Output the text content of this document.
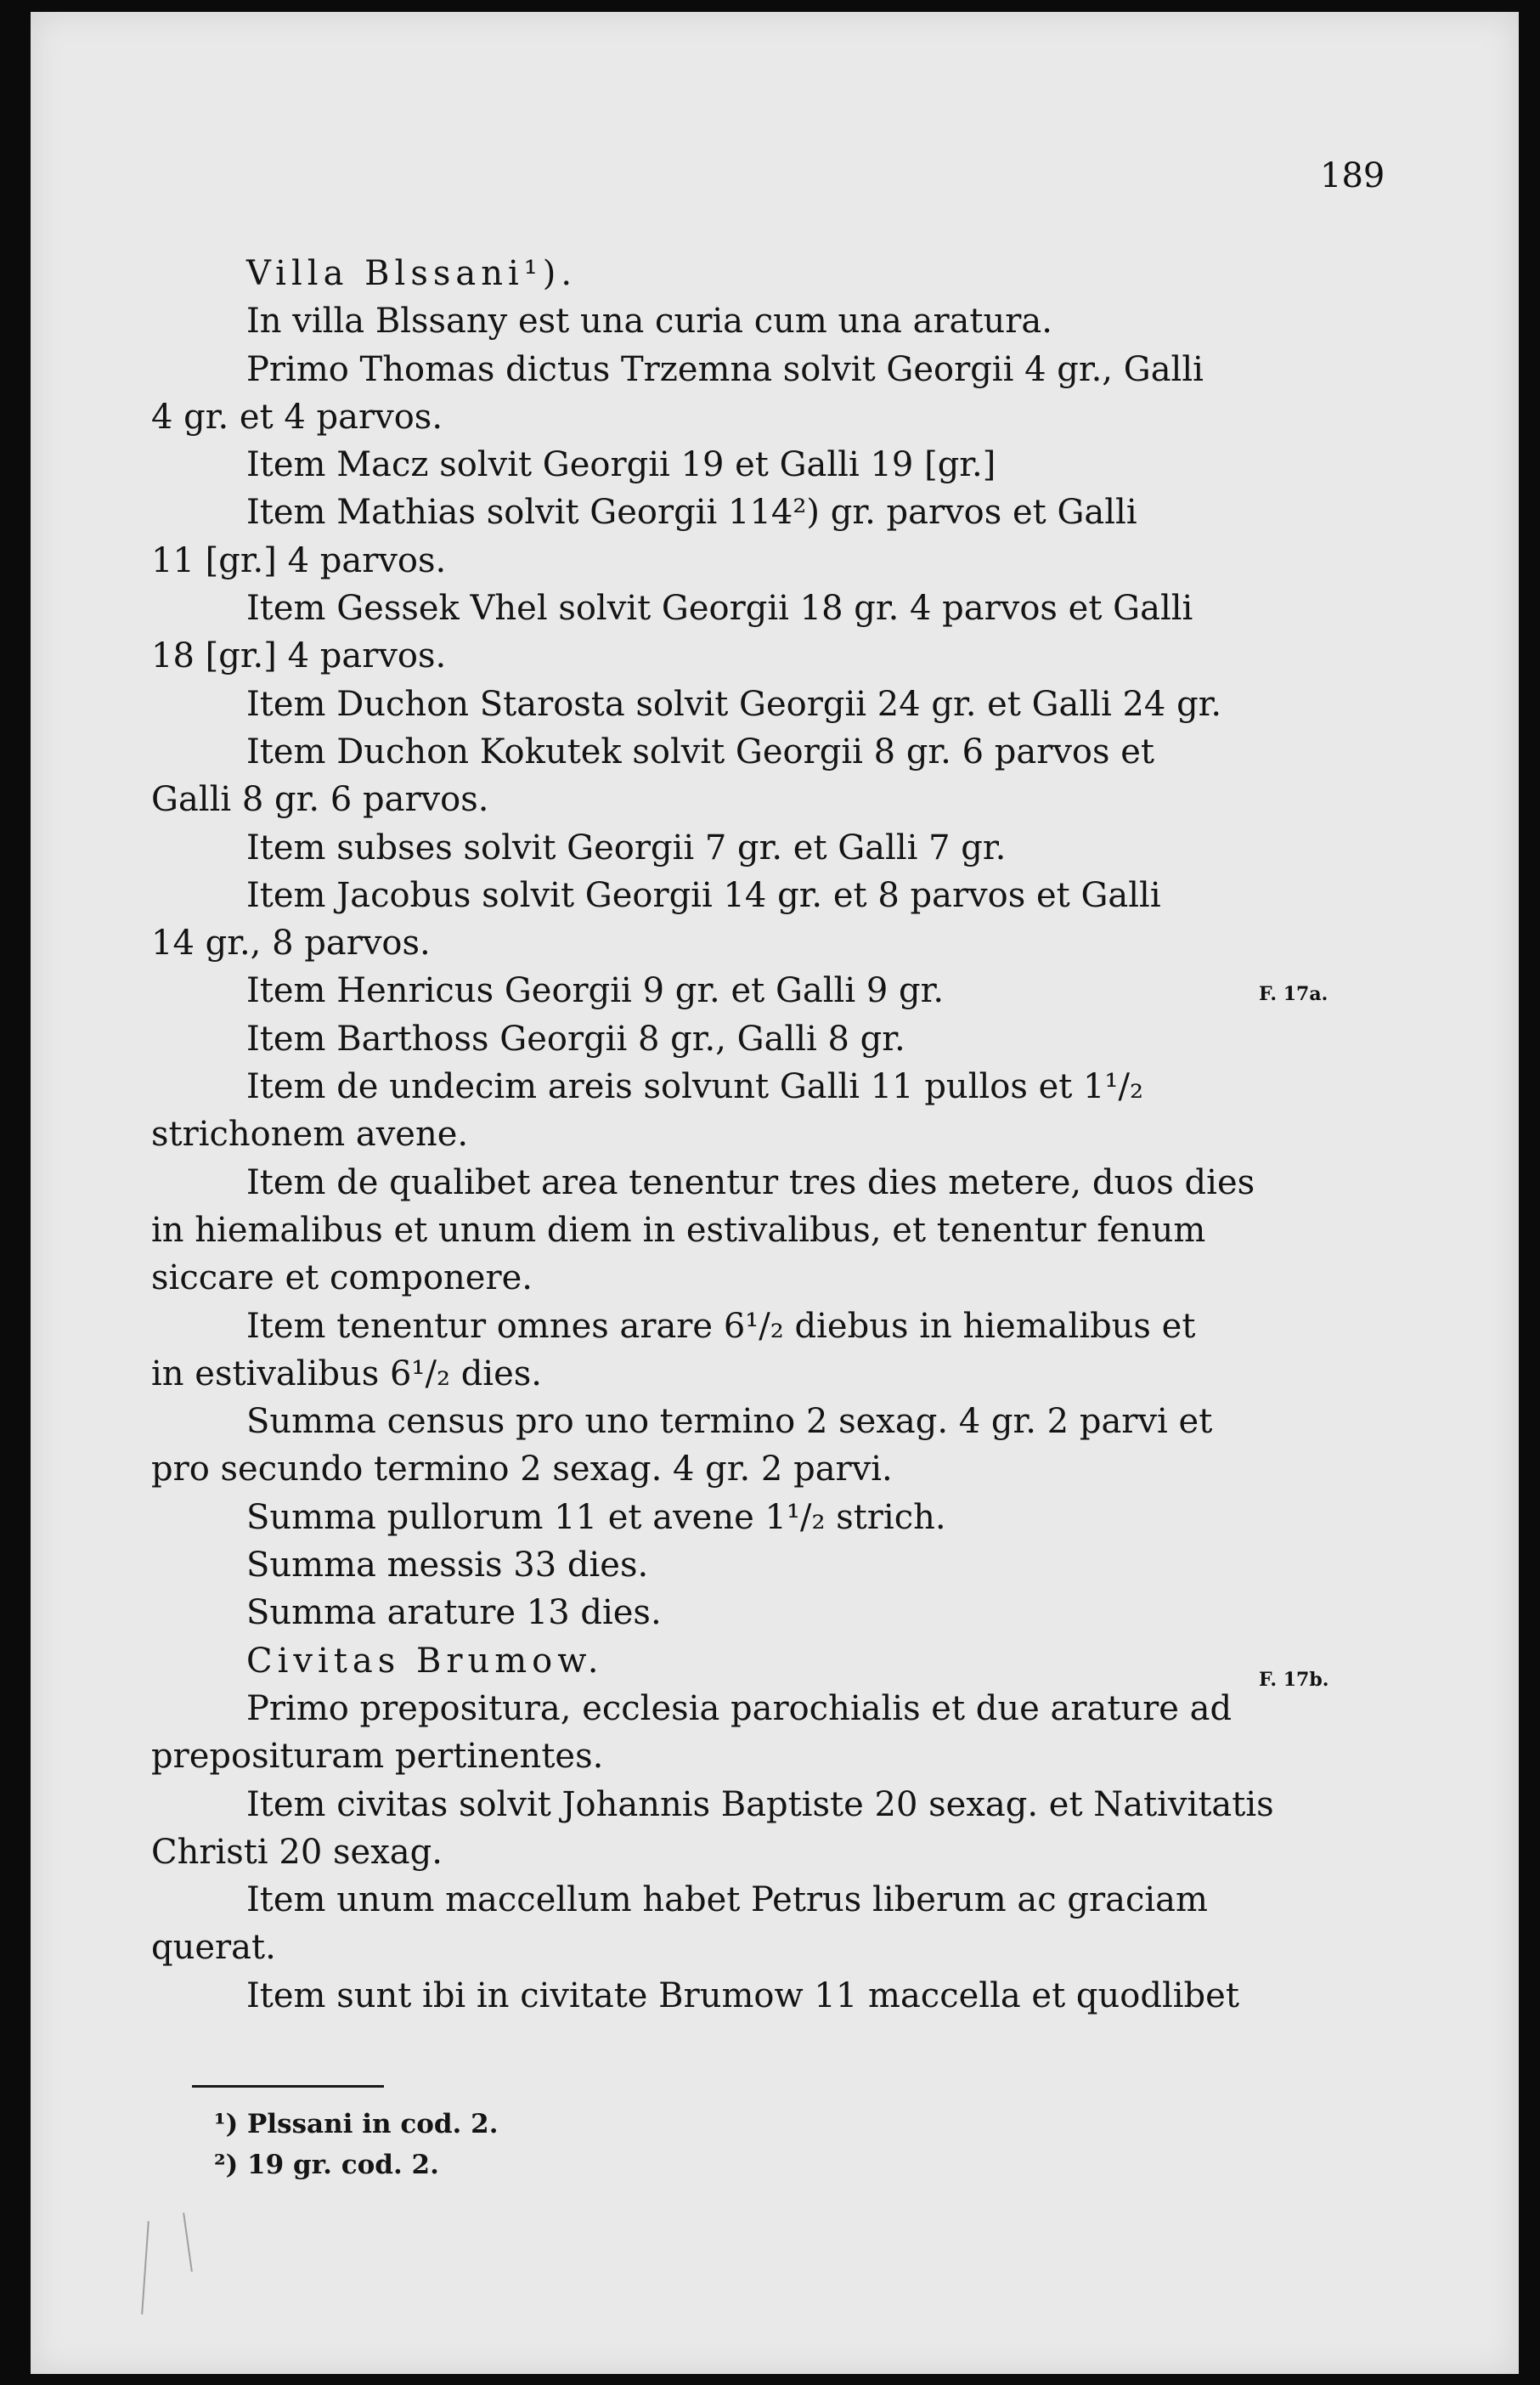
189
Villa Blssani¹).
In villa Blssany est una curia cum una aratura.
Primo Thomas dictus Trzemna solvit Georgii 4 gr., Galli
4 gr. et 4 parvos.
Item Macz solvit Georgii 19 et Galli 19 [gr.]
Item Mathias solvit Georgii 114²) gr. parvos et Galli
11 [gr.] 4 parvos.
Item Gessek Vhel solvit Georgii 18 gr. 4 parvos et Galli
18 [gr.] 4 parvos.
Item Duchon Starosta solvit Georgii 24 gr. et Galli 24 gr.
Item Duchon Kokutek solvit Georgii 8 gr. 6 parvos et
Galli 8 gr. 6 parvos.
Item subses solvit Georgii 7 gr. et Galli 7 gr.
Item Jacobus solvit Georgii 14 gr. et 8 parvos et Galli
14 gr., 8 parvos.
Item Henricus Georgii 9 gr. et Galli 9 gr.
Item Barthoss Georgii 8 gr., Galli 8 gr.
Item de undecim areis solvunt Galli 11 pullos et 1¹/₂
strichonem avene.
Item de qualibet area tenentur tres dies metere, duos dies
in hiemalibus et unum diem in estivalibus, et tenentur fenum
siccare et componere.
Item tenentur omnes arare 6¹/₂ diebus in hiemalibus et
in estivalibus 6¹/₂ dies.
Summa census pro uno termino 2 sexag. 4 gr. 2 parvi et
pro secundo termino 2 sexag. 4 gr. 2 parvi.
Summa pullorum 11 et avene 1¹/₂ strich.
Summa messis 33 dies.
Summa arature 13 dies.
Civitas Brumow.
Primo prepositura, ecclesia parochialis et due arature ad
preposituram pertinentes.
Item civitas solvit Johannis Baptiste 20 sexag. et Nativitatis
Christi 20 sexag.
Item unum maccellum habet Petrus liberum ac graciam
querat.
Item sunt ibi in civitate Brumow 11 maccella et quodlibet
F. 17a.
F. 17b.
¹) Plssani in cod. 2.
²) 19 gr. cod. 2.
